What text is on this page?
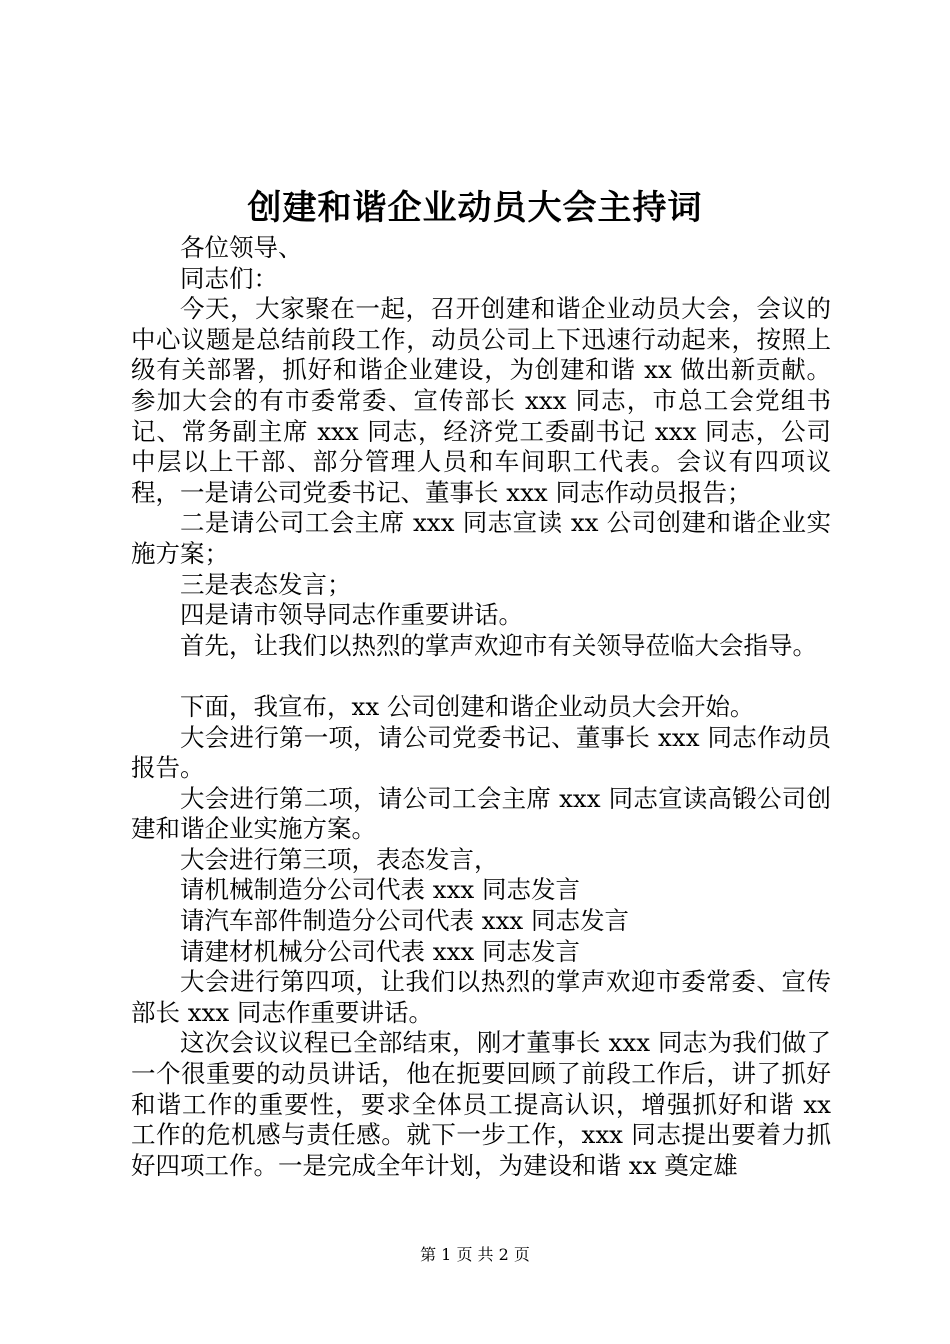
创建和谐企业动员大会主持词

各位领导、

同志们：

今天，大家聚在一起，召开创建和谐企业动员大会，会议的中心议题是总结前段工作，动员公司上下迅速行动起来，按照上级有关部署，抓好和谐企业建设，为创建和谐 xx 做出新贡献。参加大会的有市委常委、宣传部长 xxx 同志，市总工会党组书记、常务副主席 xxx 同志，经济党工委副书记 xxx 同志，公司中层以上干部、部分管理人员和车间职工代表。会议有四项议程，一是请公司党委书记、董事长 xxx 同志作动员报告；

二是请公司工会主席 xxx 同志宣读 xx 公司创建和谐企业实施方案；

三是表态发言；

四是请市领导同志作重要讲话。

首先，让我们以热烈的掌声欢迎市有关领导莅临大会指导。

下面，我宣布，xx 公司创建和谐企业动员大会开始。

大会进行第一项，请公司党委书记、董事长 xxx 同志作动员报告。

大会进行第二项，请公司工会主席 xxx 同志宣读高锻公司创建和谐企业实施方案。

大会进行第三项，表态发言，

请机械制造分公司代表 xxx 同志发言

请汽车部件制造分公司代表 xxx 同志发言

请建材机械分公司代表 xxx 同志发言

大会进行第四项，让我们以热烈的掌声欢迎市委常委、宣传部长 xxx 同志作重要讲话。

这次会议议程已全部结束，刚才董事长 xxx 同志为我们做了一个很重要的动员讲话，他在扼要回顾了前段工作后，讲了抓好和谐工作的重要性，要求全体员工提高认识，增强抓好和谐 xx 工作的危机感与责任感。就下一步工作，xxx 同志提出要着力抓好四项工作。一是完成全年计划，为建设和谐 xx 奠定雄

第 1 页 共 2 页
